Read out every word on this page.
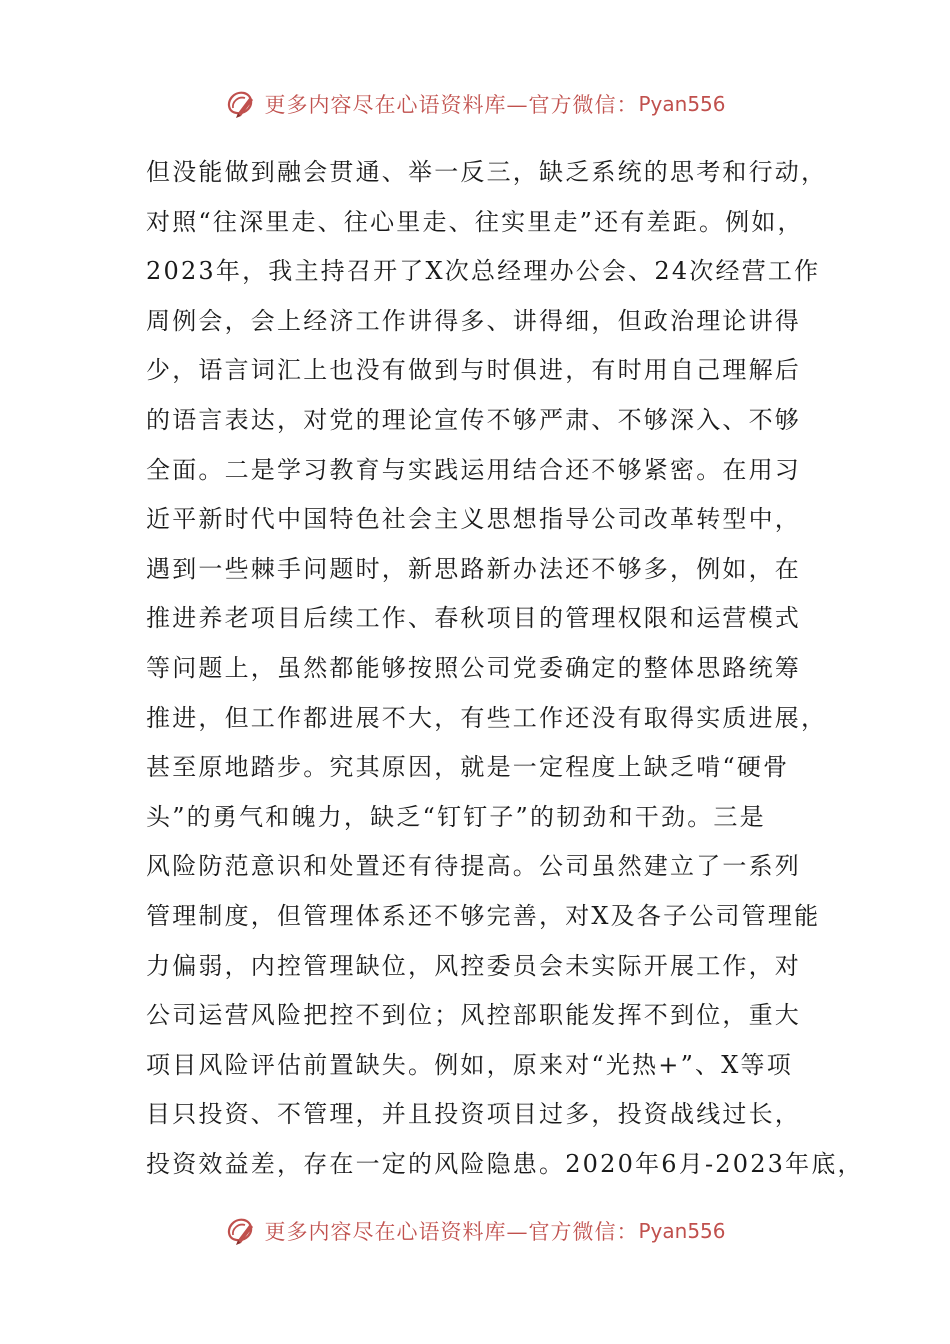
更多内容尽在心语资料库—官方微信： Pyan556
但没能做到融会贯通、举一反三，缺乏系统的思考和行动，
对照“往深里走、往心里走、往实里走”还有差距。例如，
2023年，我主持召开了X次总经理办公会、24次经营工作
周例会，会上经济工作讲得多、讲得细，但政治理论讲得
少，语言词汇上也没有做到与时俱进，有时用自己理解后
的语言表达，对党的理论宣传不够严肃、不够深入、不够
全面。二是学习教育与实践运用结合还不够紧密。在用习
近平新时代中国特色社会主义思想指导公司改革转型中，
遇到一些棘手问题时，新思路新办法还不够多，例如，在
推进养老项目后续工作、春秋项目的管理权限和运营模式
等问题上，虽然都能够按照公司党委确定的整体思路统筹
推进，但工作都进展不大，有些工作还没有取得实质进展，
甚至原地踏步。究其原因，就是一定程度上缺乏啃“硬骨
头”的勇气和魄力，缺乏“钉钉子”的韧劲和干劲。三是
风险防范意识和处置还有待提高。公司虽然建立了一系列
管理制度，但管理体系还不够完善，对X及各子公司管理能
力偏弱，内控管理缺位，风控委员会未实际开展工作，对
公司运营风险把控不到位；风控部职能发挥不到位，重大
项目风险评估前置缺失。例如，原来对“光热+”、X等项
目只投资、不管理，并且投资项目过多，投资战线过长，
投资效益差，存在一定的风险隐患。2020年6月-2023年底，
更多内容尽在心语资料库—官方微信： Pyan556
